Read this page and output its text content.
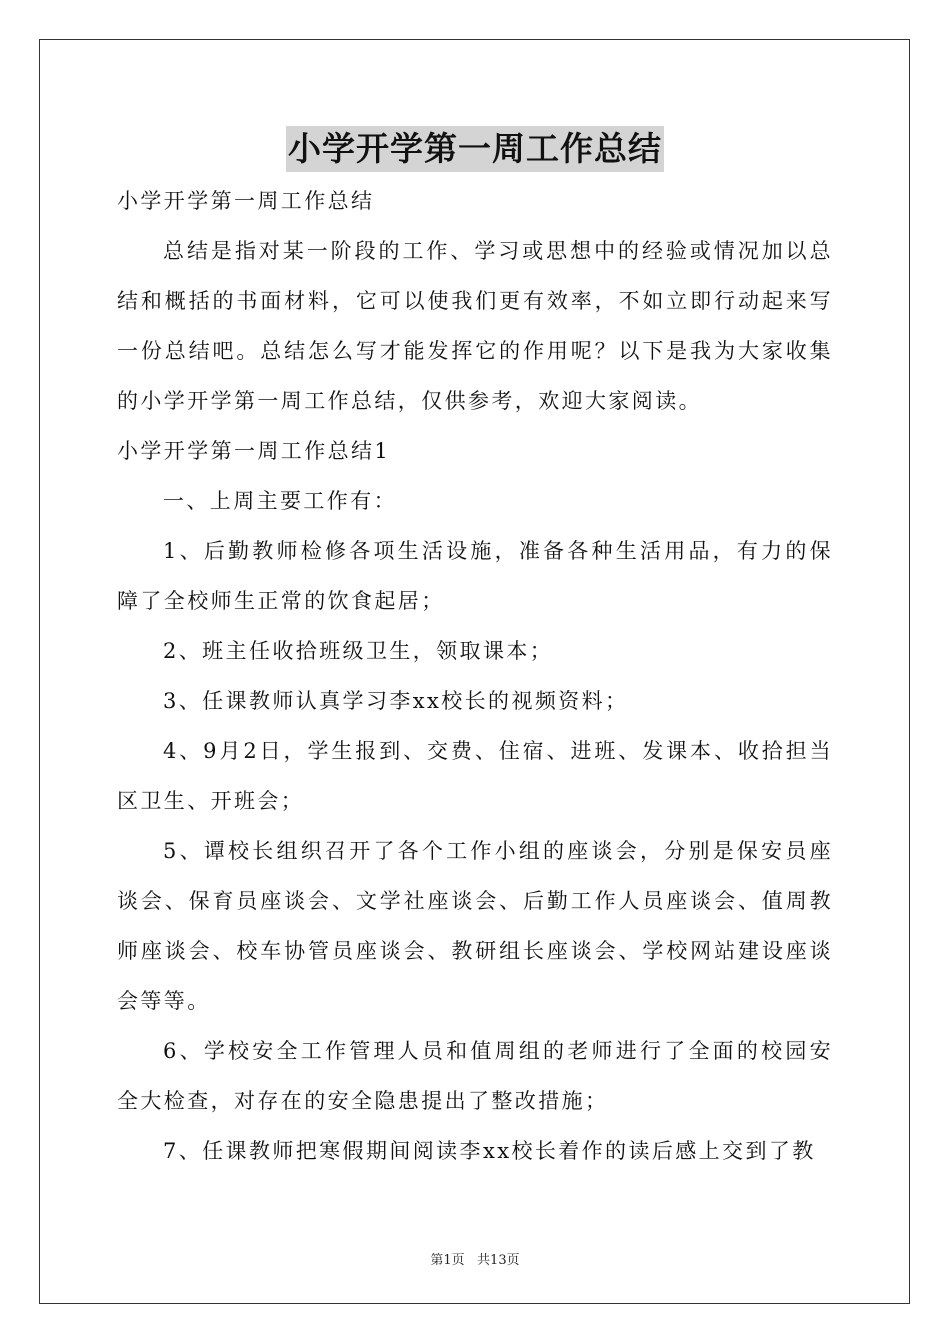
小学开学第一周工作总结

小学开学第一周工作总结

总结是指对某一阶段的工作、学习或思想中的经验或情况加以总结和概括的书面材料，它可以使我们更有效率，不如立即行动起来写一份总结吧。总结怎么写才能发挥它的作用呢？以下是我为大家收集的小学开学第一周工作总结，仅供参考，欢迎大家阅读。

小学开学第一周工作总结1

一、上周主要工作有：

1、后勤教师检修各项生活设施，准备各种生活用品，有力的保障了全校师生正常的饮食起居；

2、班主任收拾班级卫生，领取课本；

3、任课教师认真学习李xx校长的视频资料；

4、9月2日，学生报到、交费、住宿、进班、发课本、收拾担当区卫生、开班会；

5、谭校长组织召开了各个工作小组的座谈会，分别是保安员座谈会、保育员座谈会、文学社座谈会、后勤工作人员座谈会、值周教师座谈会、校车协管员座谈会、教研组长座谈会、学校网站建设座谈会等等。

6、学校安全工作管理人员和值周组的老师进行了全面的校园安全大检查，对存在的安全隐患提出了整改措施；

7、任课教师把寒假期间阅读李xx校长着作的读后感上交到了教

第1页   共13页
